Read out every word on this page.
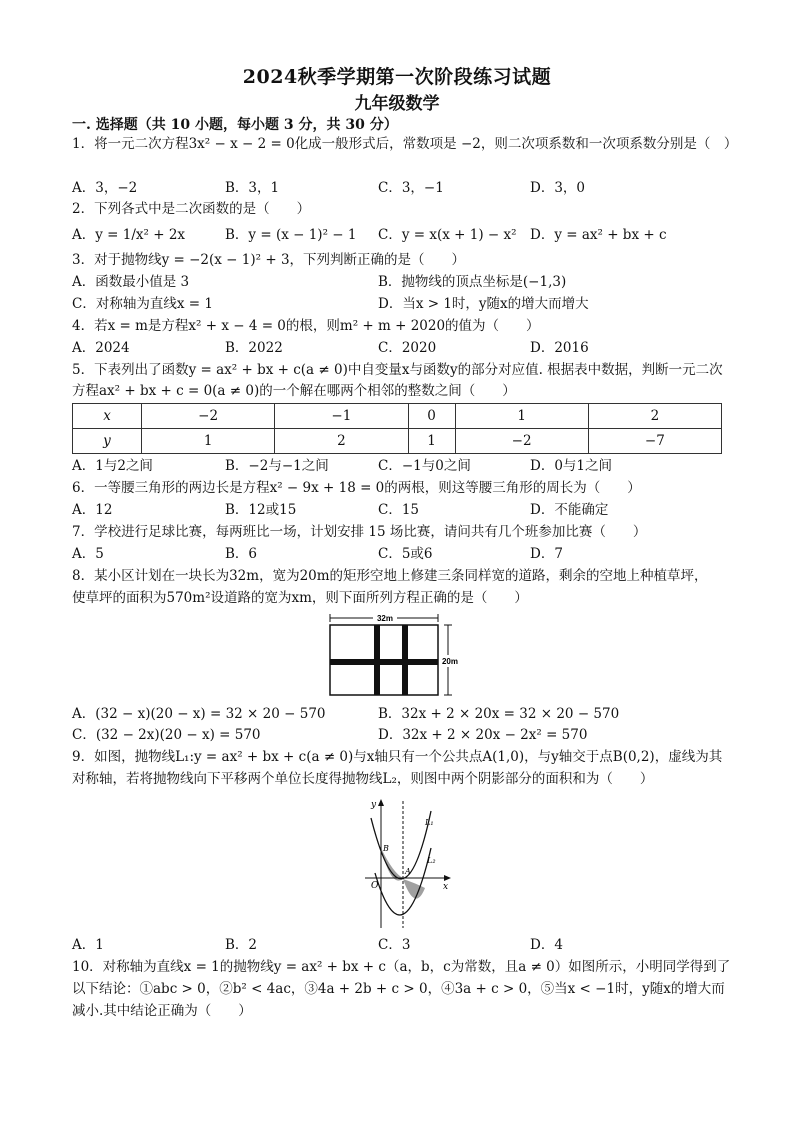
2024秋季学期第一次阶段练习试题
九年级数学
一. 选择题（共 10 小题，每小题 3 分，共 30 分）
1．将一元二次方程3x² − x − 2 = 0化成一般形式后，常数项是 −2，则二次项系数和一次项系数分别是（　）
A．3，−2	B．3，1	C．3，−1	D．3，0
2．下列各式中是二次函数的是（　　）
A．y = 1/x² + 2x	B．y = (x − 1)² − 1 C．y = x(x + 1) − x² D．y = ax² + bx + c
3．对于抛物线y = −2(x − 1)² + 3，下列判断正确的是（　　）
A．函数最小值是 3	B．抛物线的顶点坐标是(−1,3)
C．对称轴为直线x = 1	D．当x > 1时，y随x的增大而增大
4．若x = m是方程x² + x − 4 = 0的根，则m² + m + 2020的值为（　　）
A．2024	B．2022	C．2020	D．2016
5．下表列出了函数y = ax² + bx + c(a ≠ 0)中自变量x与函数y的部分对应值. 根据表中数据，判断一元二次
方程ax² + bx + c = 0(a ≠ 0)的一个解在哪两个相邻的整数之间（　　）
x	−2	−1	0	1	2
y	1	2	1	−2	−7
A．1与2之间	B．−2与−1之间	C．−1与0之间	D．0与1之间
6．一等腰三角形的两边长是方程x² − 9x + 18 = 0的两根，则这等腰三角形的周长为（　　）
A．12	B．12或15	C．15	D．不能确定
7．学校进行足球比赛，每两班比一场，计划安排 15 场比赛，请问共有几个班参加比赛（　　）
A．5	B．6	C．5或6	D．7
8．某小区计划在一块长为32m，宽为20m的矩形空地上修建三条同样宽的道路，剩余的空地上种植草坪，
使草坪的面积为570m²设道路的宽为xm，则下面所列方程正确的是（　　）
32m
20m
A．(32 − x)(20 − x) = 32 × 20 − 570	B．32x + 2 × 20x = 32 × 20 − 570
C．(32 − 2x)(20 − x) = 570	D．32x + 2 × 20x − 2x² = 570
9．如图，抛物线L₁:y = ax² + bx + c(a ≠ 0)与x轴只有一个公共点A(1,0)，与y轴交于点B(0,2)，虚线为其
对称轴，若将抛物线向下平移两个单位长度得抛物线L₂，则图中两个阴影部分的面积和为（　　）
y
x
O
A
B
L₁
L₂
A．1	B．2	C．3	D．4
10．对称轴为直线x = 1的抛物线y = ax² + bx + c（a，b，c为常数，且a ≠ 0）如图所示，小明同学得到了
以下结论：①abc > 0，②b² < 4ac，③4a + 2b + c > 0，④3a + c > 0，⑤当x < −1时，y随x的增大而
减小.其中结论正确为（　　）
